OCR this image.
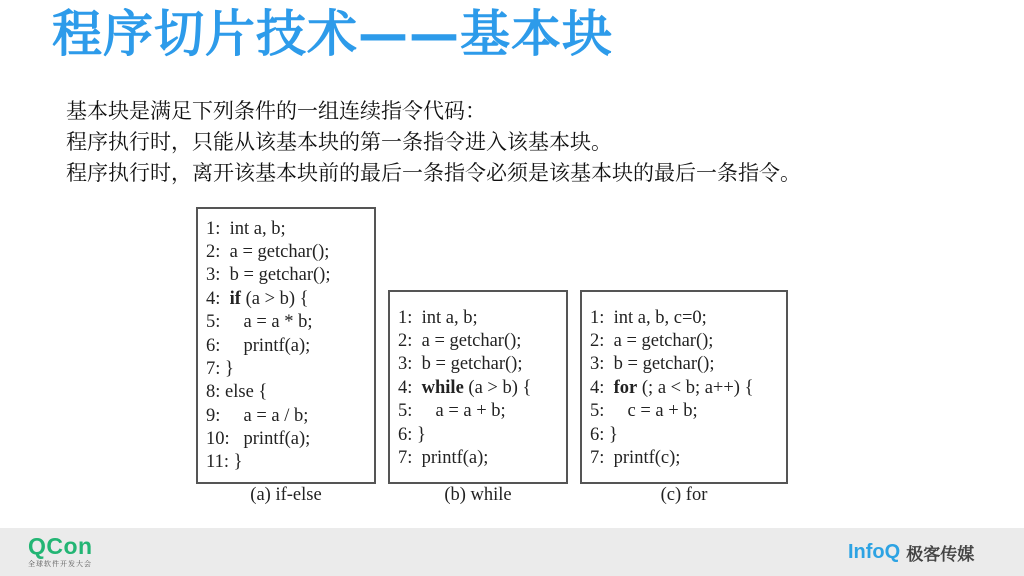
程序切片技术——基本块
基本块是满足下列条件的一组连续指令代码：
程序执行时，只能从该基本块的第一条指令进入该基本块。
程序执行时，离开该基本块前的最后一条指令必须是该基本块的最后一条指令。
1:  int a, b;
2:  a = getchar();
3:  b = getchar();
4:  if (a > b) {
5:     a = a * b;
6:     printf(a);
7: }
8: else {
9:     a = a / b;
10:   printf(a);
11: }
(a) if-else
1:  int a, b;
2:  a = getchar();
3:  b = getchar();
4:  while (a > b) {
5:     a = a + b;
6: }
7:  printf(a);
(b) while
1:  int a, b, c=0;
2:  a = getchar();
3:  b = getchar();
4:  for (; a < b; a++) {
5:     c = a + b;
6: }
7:  printf(c);
(c) for
QCon
全球软件开发大会
InfoQ 极客传媒
